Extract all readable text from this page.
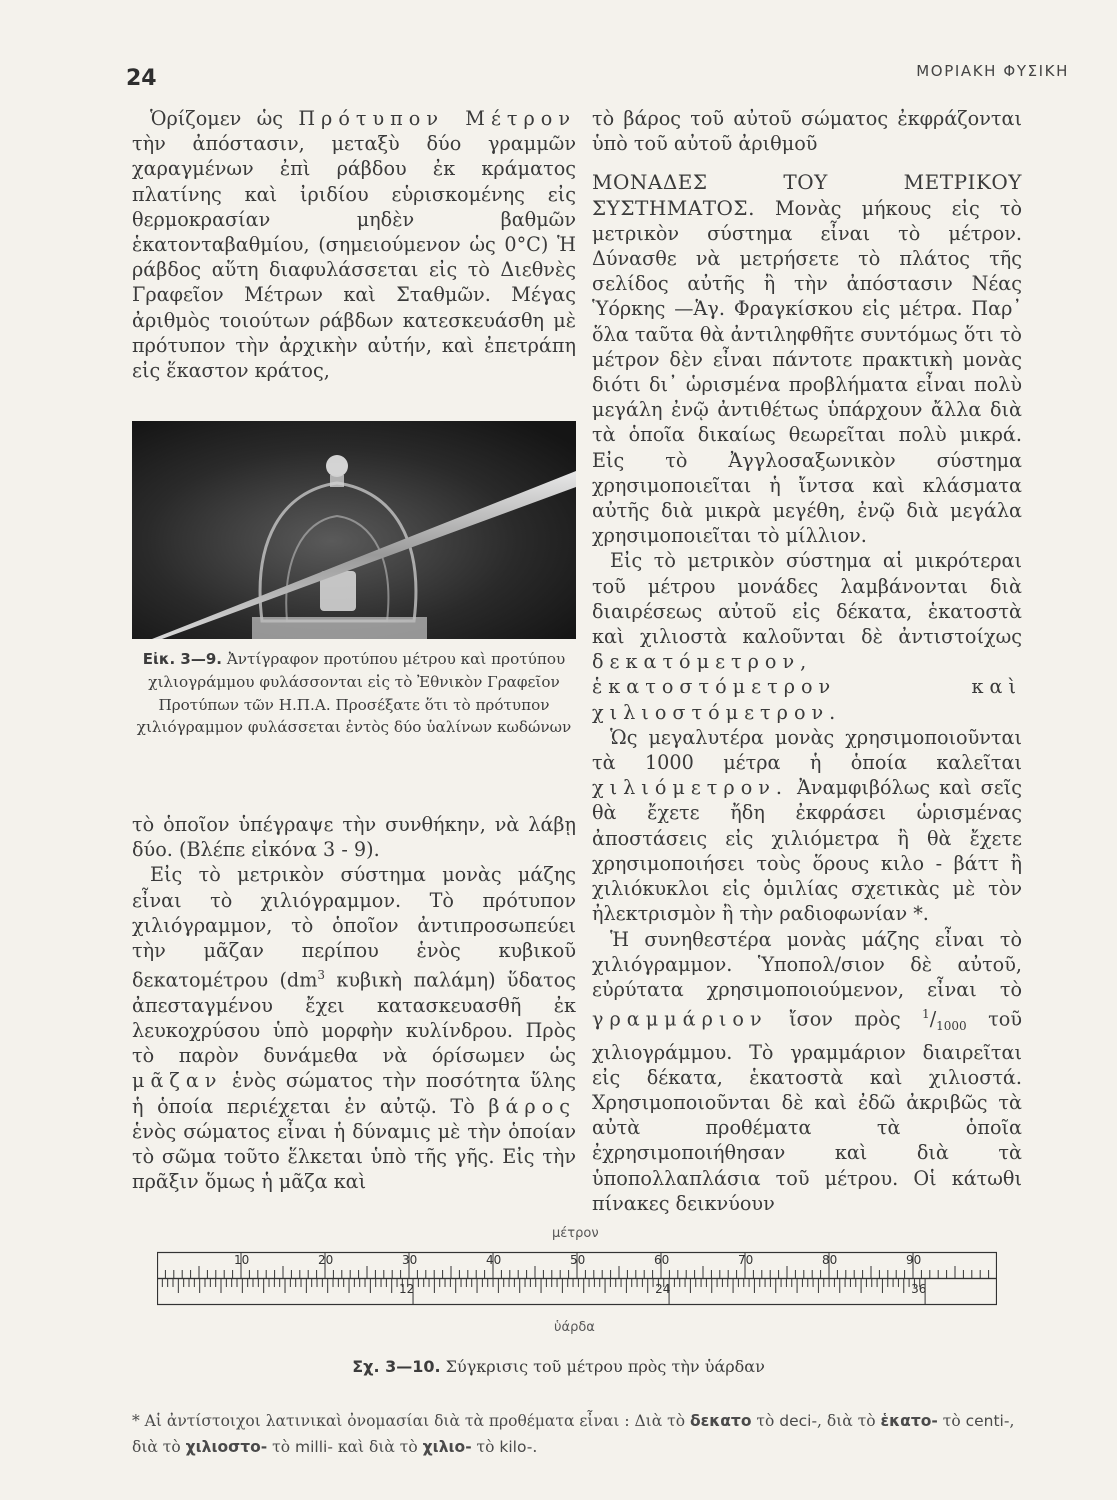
24	ΜΟΡΙΑΚΗ ΦΥΣΙΚΗ

Ὁρίζομεν ὡς Πρότυπον Μέτρον τὴν ἀπόστασιν, μεταξὺ δύο γραμμῶν χαραγμένων ἐπὶ ράβδου ἐκ κράματος πλατίνης καὶ ἰριδίου εὑρισκομένης εἰς θερμοκρασίαν μηδὲν βαθμῶν ἑκατονταβαθμίου, (σημειούμενον ὡς 0°C) Ἡ ράβδος αὕτη διαφυλάσσεται εἰς τὸ Διεθνὲς Γραφεῖον Μέτρων καὶ Σταθμῶν. Μέγας ἀριθμὸς τοιούτων ράβδων κατεσκευάσθη μὲ πρότυπον τὴν ἀρχικὴν αὐτήν, καὶ ἐπετράπη εἰς ἕκαστον κράτος,

Εἰκ. 3—9. Ἀντίγραφον προτύπου μέτρου καὶ προτύπου χιλιογράμμου φυλάσσονται εἰς τὸ Ἐθνικὸν Γραφεῖον Προτύπων τῶν Η.Π.Α. Προσέξατε ὅτι τὸ πρότυπον χιλιόγραμμον φυλάσσεται ἐντὸς δύο ὑαλίνων κωδώνων

τὸ ὁποῖον ὑπέγραψε τὴν συνθήκην, νὰ λάβῃ δύο. (Βλέπε εἰκόνα 3 - 9).

Εἰς τὸ μετρικὸν σύστημα μονὰς μάζης εἶναι τὸ χιλιόγραμμον. Τὸ πρότυπον χιλιόγραμμον, τὸ ὁποῖον ἀντιπροσωπεύει τὴν μᾶζαν περίπου ἑνὸς κυβικοῦ δεκατομέτρου ($dm^3$ κυβικὴ παλάμη) ὕδατος ἀπεσταγμένου ἔχει κατασκευασθῆ ἐκ λευκοχρύσου ὑπὸ μορφὴν κυλίνδρου. Πρὸς τὸ παρὸν δυνάμεθα νὰ όρίσωμεν ὡς μᾶζαν ἑνὸς σώματος τὴν ποσότητα ὕλης ἡ ὁποία περιέχεται ἐν αὐτῷ. Τὸ βάρος ἑνὸς σώματος εἶναι ἡ δύναμις μὲ τὴν ὁποίαν τὸ σῶμα τοῦτο ἕλκεται ὑπὸ τῆς γῆς. Εἰς τὴν πρᾶξιν ὅμως ἡ μᾶζα καὶ

τὸ βάρος τοῦ αὐτοῦ σώματος ἐκφράζονται ὑπὸ τοῦ αὐτοῦ ἀριθμοῦ

ΜΟΝΑΔΕΣ ΤΟΥ ΜΕΤΡΙΚΟΥ ΣΥΣΤΗΜΑΤΟΣ. Μονὰς μήκους εἰς τὸ μετρικὸν σύστημα εἶναι τὸ μέτρον. Δύνασθε νὰ μετρήσετε τὸ πλάτος τῆς σελίδος αὐτῆς ἢ τὴν ἀπόστασιν Νέας Ὑόρκης —Ἁγ. Φραγκίσκου εἰς μέτρα. Παρ᾿ ὅλα ταῦτα θὰ ἀντιληφθῆτε συντόμως ὅτι τὸ μέτρον δὲν εἶναι πάντοτε πρακτικὴ μονὰς διότι δι᾿ ὡρισμένα προβλήματα εἶναι πολὺ μεγάλη ἐνῷ ἀντιθέτως ὑπάρχουν ἄλλα διὰ τὰ ὁποῖα δικαίως θεωρεῖται πολὺ μικρά. Εἰς τὸ Ἀγγλοσαξωνικὸν σύστημα χρησιμοποιεῖται ἡ ἴντσα καὶ κλάσματα αὐτῆς διὰ μικρὰ μεγέθη, ἐνῷ διὰ μεγάλα χρησιμοποιεῖται τὸ μίλλιον.

Εἰς τὸ μετρικὸν σύστημα αἱ μικρότεραι τοῦ μέτρου μονάδες λαμβάνονται διὰ διαιρέσεως αὐτοῦ εἰς δέκατα, ἑκατοστὰ καὶ χιλιοστὰ καλοῦνται δὲ ἀντιστοίχως δεκατόμετρον, ἑκατοστόμετρον καὶ χιλιοστόμετρον.

Ὡς μεγαλυτέρα μονὰς χρησιμοποιοῦνται τὰ 1000 μέτρα ἡ ὁποία καλεῖται χιλιόμετρον. Ἀναμφιβόλως καὶ σεῖς θὰ ἔχετε ἤδη ἐκφράσει ὡρισμένας ἀποστάσεις εἰς χιλιόμετρα ἢ θὰ ἔχετε χρησιμοποιήσει τοὺς ὅρους κιλο - βάττ ἢ χιλιόκυκλοι εἰς ὁμιλίας σχετικὰς μὲ τὸν ἠλεκτρισμὸν ἢ τὴν ραδιοφωνίαν *.

Ἡ συνηθεστέρα μονὰς μάζης εἶναι τὸ χιλιόγραμμον. Ὑποπολ/σιον δὲ αὐτοῦ, εὐρύτατα χρησιμοποιούμενον, εἶναι τὸ γραμμάριον ἴσον πρὸς $^1/_{1000}$ τοῦ χιλιογράμμου. Τὸ γραμμάριον διαιρεῖται εἰς δέκατα, ἑκατοστὰ καὶ χιλιοστά. Χρησιμοποιοῦνται δὲ καὶ ἐδῶ ἀκριβῶς τὰ αὐτὰ προθέματα τὰ ὁποῖα ἐχρησιμοποιήθησαν καὶ διὰ τὰ ὑποπολλαπλάσια τοῦ μέτρου. Οἱ κάτωθι πίνακες δεικνύουν

μέτρον
10	20	30	40	50	60	70	80	90
12	24	36
ὑάρδα
Σχ. 3—10. Σύγκρισις τοῦ μέτρου πρὸς τὴν ὑάρδαν
* Αἱ ἀντίστοιχοι λατινικαὶ ὀνομασίαι διὰ τὰ προθέματα εἶναι : Διὰ τὸ δεκατο τὸ deci-, διὰ τὸ ἑκατο- τὸ centi-, διὰ τὸ χιλιοστο- τὸ milli- καὶ διὰ τὸ χιλιο- τὸ kilo-.
